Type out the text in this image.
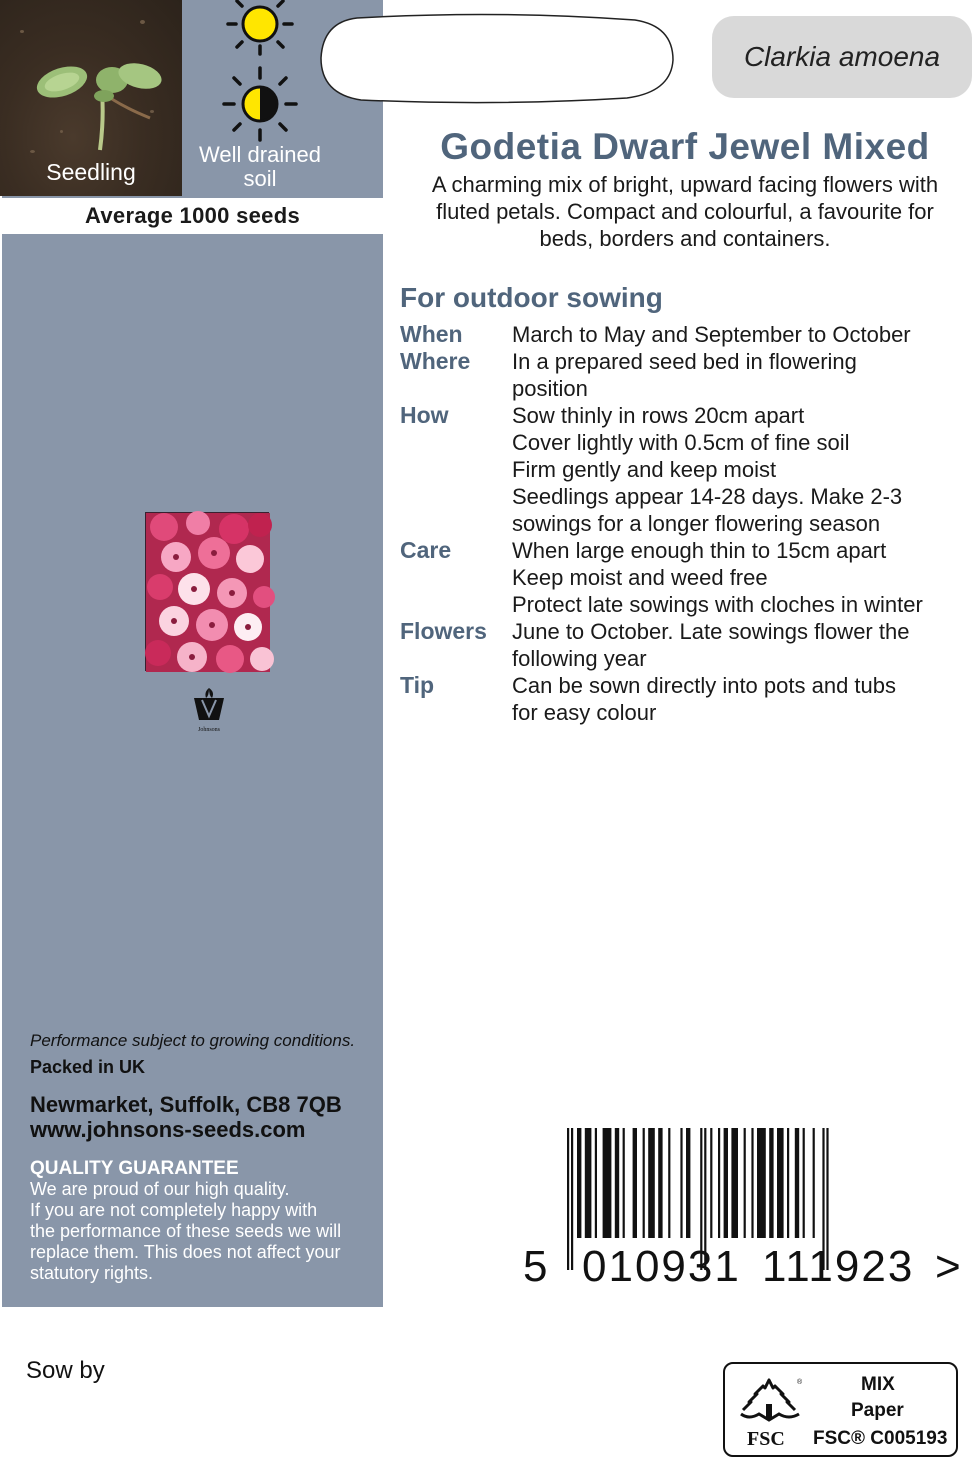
Seedling
Well drained
soil
Average 1000 seeds
Johnsons
Performance subject to growing conditions.
Packed in UK
Newmarket, Suffolk, CB8 7QB
www.johnsons-seeds.com
QUALITY GUARANTEE
We are proud of our high quality.
If you are not completely happy with
the performance of these seeds we will
replace them. This does not affect your
statutory rights.
Clarkia amoena
Godetia Dwarf Jewel Mixed
A charming mix of bright, upward facing flowers with
fluted petals. Compact and colourful, a favourite for
beds, borders and containers.
For outdoor sowing
When	March to May and September to October
Where	In a prepared seed bed in flowering
position
How	Sow thinly in rows 20cm apart
Cover lightly with 0.5cm of fine soil
Firm gently and keep moist
Seedlings appear 14-28 days. Make 2-3
sowings for a longer flowering season
Care	When large enough thin to 15cm apart
Keep moist and weed free
Protect late sowings with cloches in winter
Flowers	June to October. Late sowings flower the
following year
Tip	Can be sown directly into pots and tubs
for easy colour
5 010931 111923 >
Sow by	®
FSC
MIX
Paper
FSC® C005193
